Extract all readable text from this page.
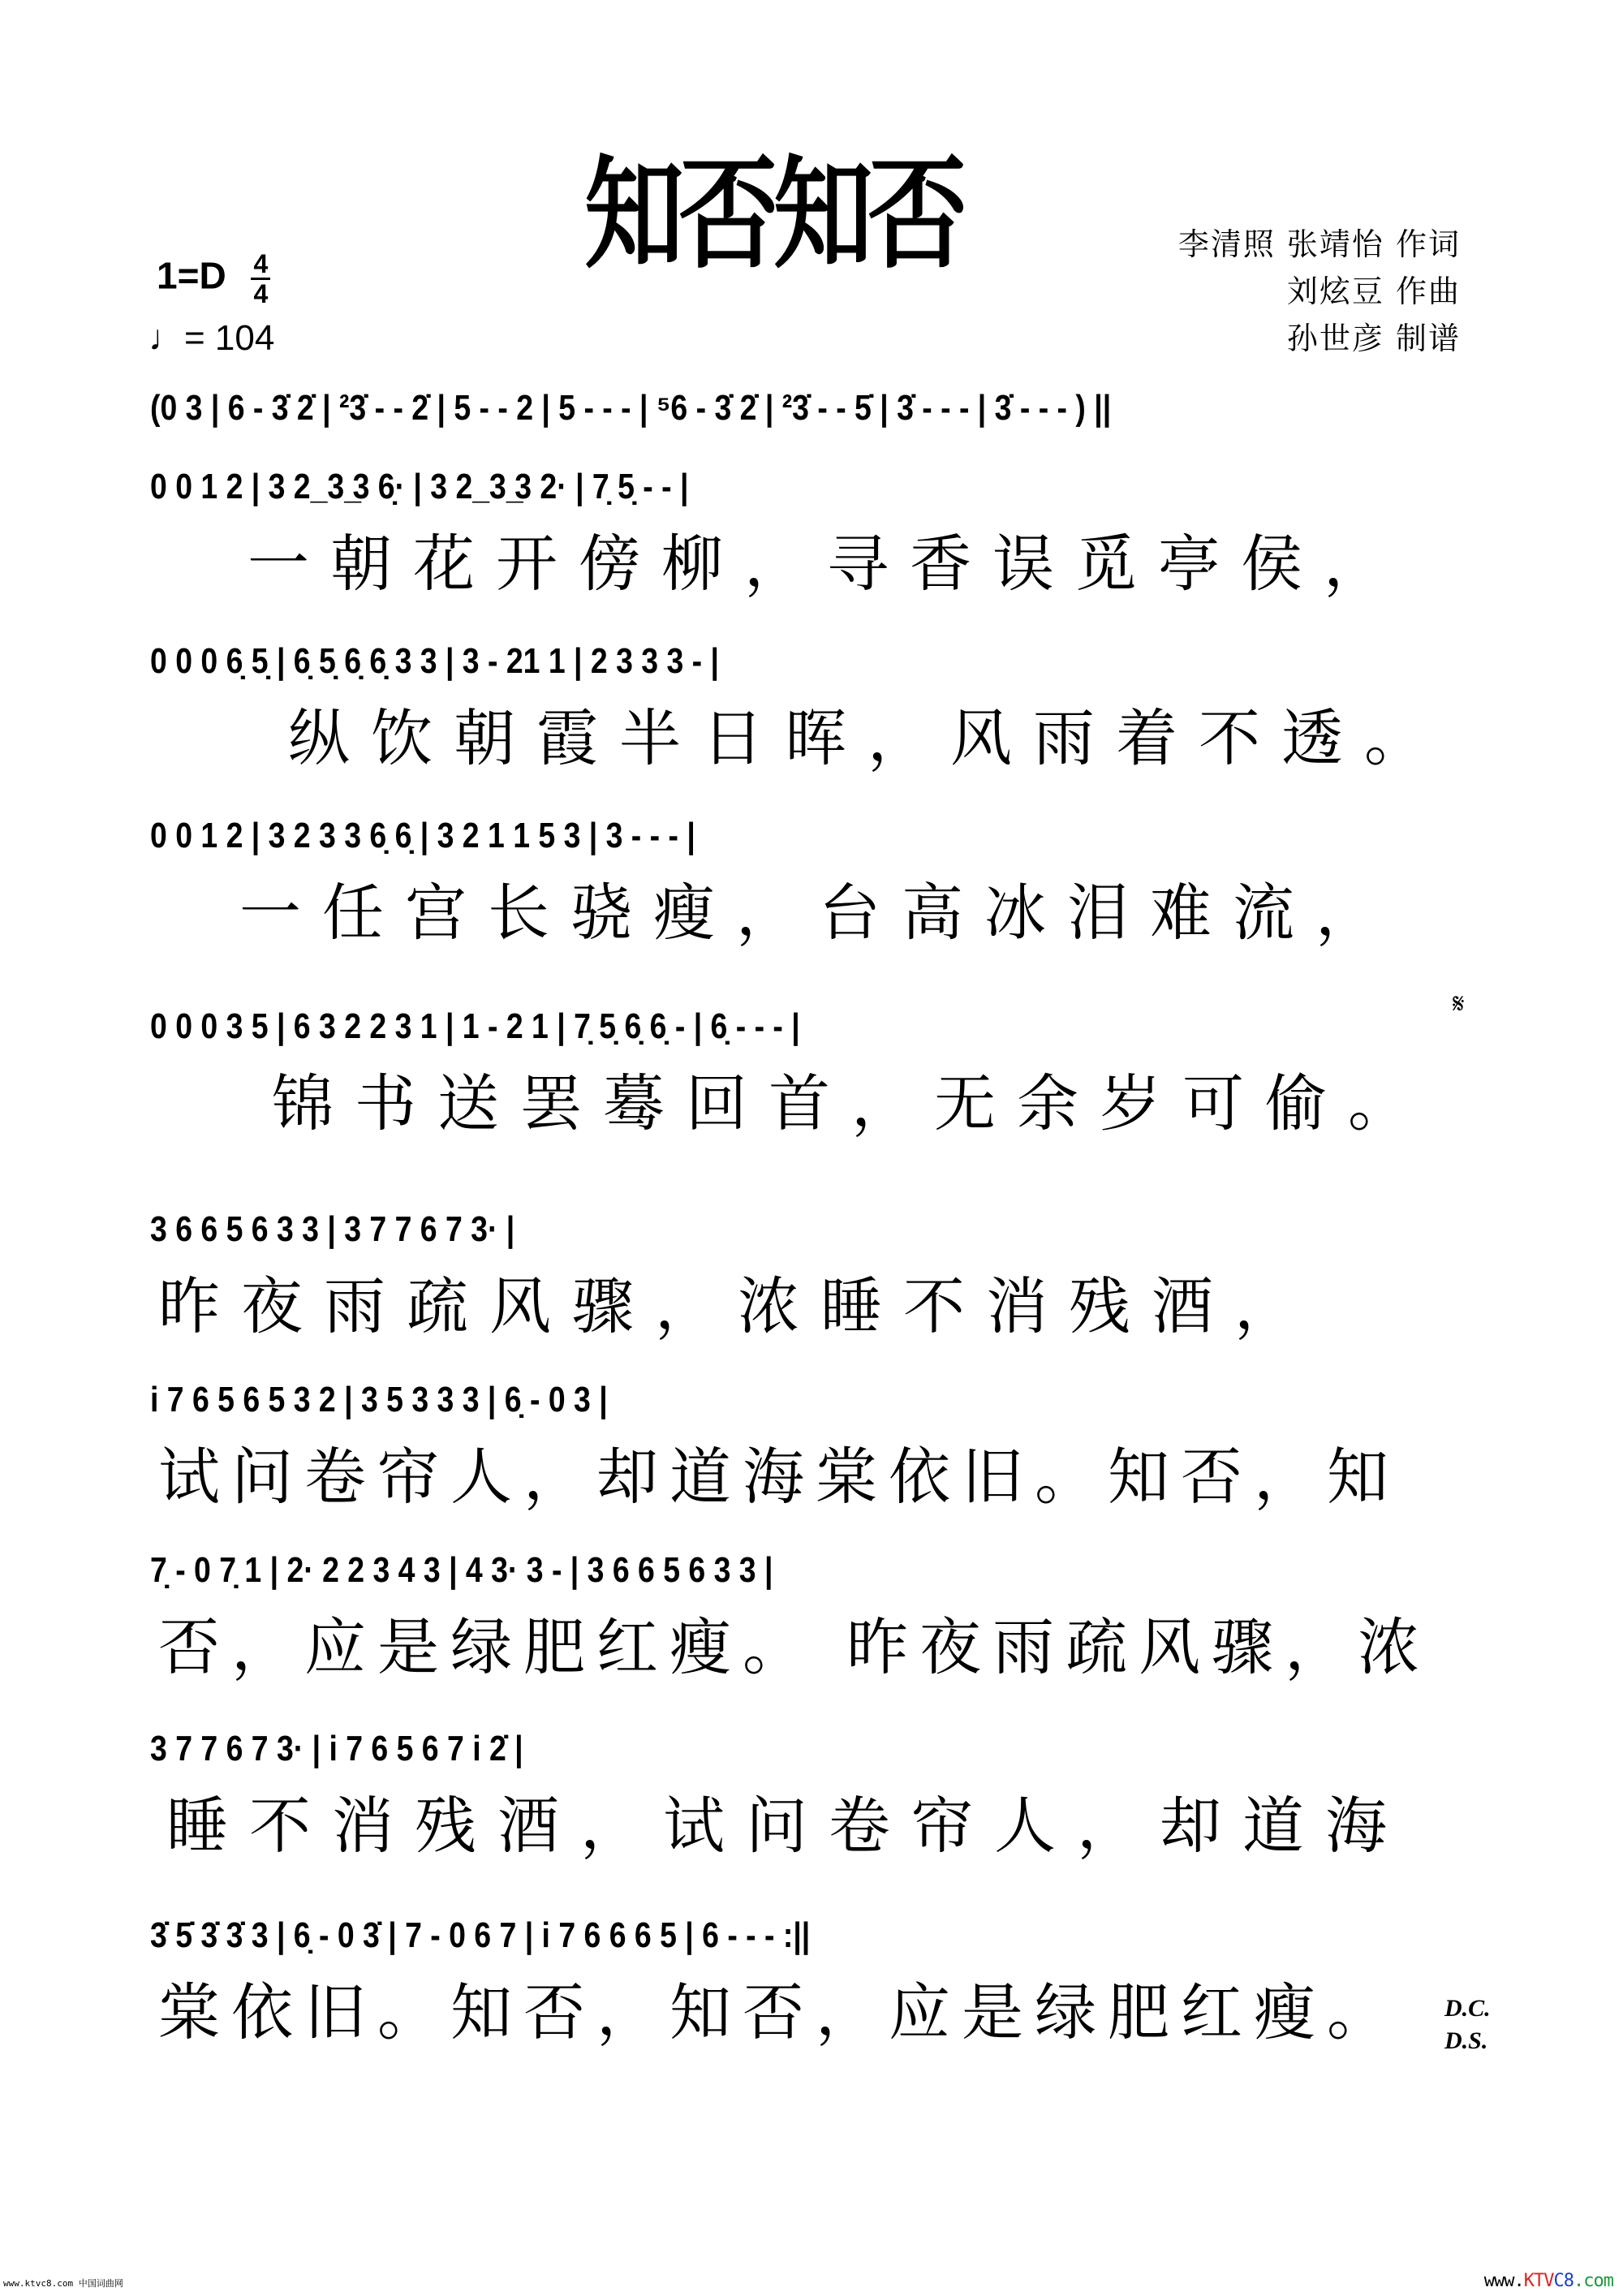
知否知否
$1=D \frac{4}{4}$
♩= 104
李清照 张靖怡 作词
刘炫豆 作曲
孙世彦 制谱
(0 3 | 6 - 3̇ 2̇ | ²3̇ - - 2̇ | 5 - - 2 | 5 - - - | ⁵6 - 3̇ 2̇ | ²3̇ - - 5̇ | 3̇ - - - | 3̇ - - - ) ||
0 0 1 2 | 3 2 ̲ 3 ̲3 6̣· | 3 2 ̲ 3 ̲3 2· | 7̣ 5̣ - - |
一朝花开傍柳，寻香误觅亭侯，
0 0 0 6̣ 5̣ | 6̣ 5̣ 6̣ 6̣ 3 3 | 3 - 21 1 | 2 3 3 3 - |
纵饮朝霞半日晖，风雨着不透。
0 0 1 2 | 3 2 3 3 6̣ 6̣ | 3 2 1 1 5 3 | 3 - - - |
一任宫长骁瘦，台高冰泪难流，
𝄋
0 0 0 3 5 | 6 3 2 2 3 1 | 1 - 2 1 | 7̣ 5̣ 6̣ 6̣ - | 6̣ - - - |
锦书送罢蓦回首，无余岁可偷。
3 6 6 5 6 3 3 | 3 7 7 6 7 3· |
昨夜雨疏风骤，浓睡不消残酒，
i 7 6 5 6 5 3 2 | 3 5 3 3 3 | 6̣ - 0 3 |
试问卷帘人，却道海棠依旧。知否，知
7̣ - 0 7̣ 1 | 2· 2 2 3 4 3 | 4 3· 3 - | 3 6 6 5 6 3 3 |
否，应是绿肥红瘦。 昨夜雨疏风骤，浓
3 7 7 6 7 3· | i 7 6 5 6 7 i 2̇ |
睡不消残酒，试问卷帘人，却道海
3̇ 5̇ 3̇ 3̇ 3 | 6̣ - 0 3̇ | 7 - 0 6 7 | i 7 6 6 6 5 | 6 - - - :||
棠依旧。知否，知否，应是绿肥红瘦。	D.C.
D.S.
www.ktvc8.com 中国词曲网	www.KTVC8.com
